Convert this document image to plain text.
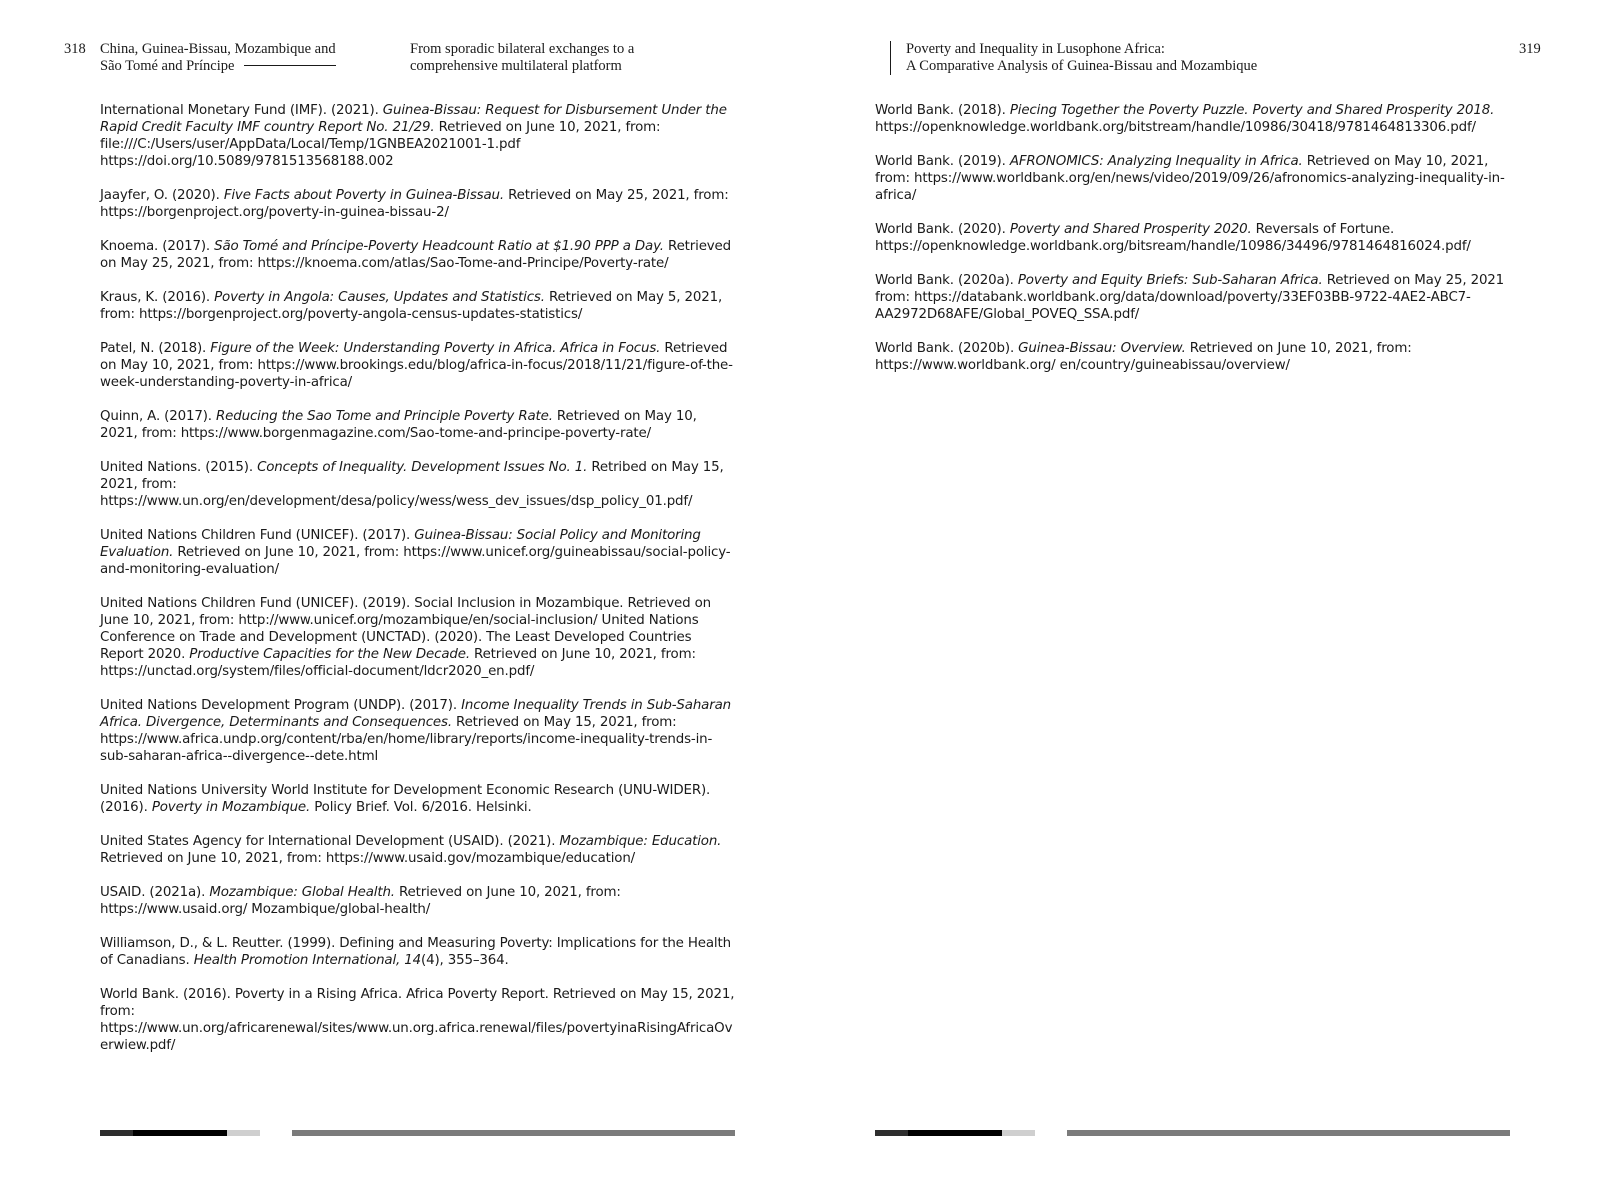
318 China, Guinea-Bissau, Mozambique and
São Tomé and Príncipe
From sporadic bilateral exchanges to a
comprehensive multilateral platform

International Monetary Fund (IMF). (2021). Guinea-Bissau: Request for Disbursement Under the Rapid Credit Faculty IMF country Report No. 21/29. Retrieved on June 10, 2021, from: file:///C:/Users/user/AppData/Local/Temp/1GNBEA2021001-1.pdf https://doi.org/10.5089/9781513568188.002

Jaayfer, O. (2020). Five Facts about Poverty in Guinea-Bissau. Retrieved on May 25, 2021, from: https://borgenproject.org/poverty-in-guinea-bissau-2/

Knoema. (2017). São Tomé and Príncipe-Poverty Headcount Ratio at $1.90 PPP a Day. Retrieved on May 25, 2021, from: https://knoema.com/atlas/Sao-Tome-and-Principe/Poverty-rate/

Kraus, K. (2016). Poverty in Angola: Causes, Updates and Statistics. Retrieved on May 5, 2021, from: https://borgenproject.org/poverty-angola-census-updates-statistics/

Patel, N. (2018). Figure of the Week: Understanding Poverty in Africa. Africa in Focus. Retrieved on May 10, 2021, from: https://www.brookings.edu/blog/africa-in-focus/2018/11/21/figure-of-the-week-understanding-poverty-in-africa/

Quinn, A. (2017). Reducing the Sao Tome and Principle Poverty Rate. Retrieved on May 10, 2021, from: https://www.borgenmagazine.com/Sao-tome-and-principe-poverty-rate/

United Nations. (2015). Concepts of Inequality. Development Issues No. 1. Retribed on May 15, 2021, from: https://www.un.org/en/development/desa/policy/wess/wess_dev_issues/dsp_policy_01.pdf/

United Nations Children Fund (UNICEF). (2017). Guinea-Bissau: Social Policy and Monitoring Evaluation. Retrieved on June 10, 2021, from: https://www.unicef.org/guineabissau/social-policy-and-monitoring-evaluation/

United Nations Children Fund (UNICEF). (2019). Social Inclusion in Mozambique. Retrieved on June 10, 2021, from: http://www.unicef.org/mozambique/en/social-inclusion/ United Nations Conference on Trade and Development (UNCTAD). (2020). The Least Developed Countries Report 2020. Productive Capacities for the New Decade. Retrieved on June 10, 2021, from: https://unctad.org/system/files/official-document/ldcr2020_en.pdf/

United Nations Development Program (UNDP). (2017). Income Inequality Trends in Sub-Saharan Africa. Divergence, Determinants and Consequences. Retrieved on May 15, 2021, from: https://www.africa.undp.org/content/rba/en/home/library/reports/income-inequality-trends-in-sub-saharan-africa--divergence--dete.html

United Nations University World Institute for Development Economic Research (UNU-WIDER). (2016). Poverty in Mozambique. Policy Brief. Vol. 6/2016. Helsinki.

United States Agency for International Development (USAID). (2021). Mozambique: Education. Retrieved on June 10, 2021, from: https://www.usaid.gov/mozambique/education/

USAID. (2021a). Mozambique: Global Health. Retrieved on June 10, 2021, from: https://www.usaid.org/ Mozambique/global-health/

Williamson, D., & L. Reutter. (1999). Defining and Measuring Poverty: Implications for the Health of Canadians. Health Promotion International, 14(4), 355–364.

World Bank. (2016). Poverty in a Rising Africa. Africa Poverty Report. Retrieved on May 15, 2021, from: https://www.un.org/africarenewal/sites/www.un.org.africa.renewal/files/povertyinaRisingAfricaOverwiew.pdf/

Poverty and Inequality in Lusophone Africa:
A Comparative Analysis of Guinea-Bissau and Mozambique
319

World Bank. (2018). Piecing Together the Poverty Puzzle. Poverty and Shared Prosperity 2018. https://openknowledge.worldbank.org/bitstream/handle/10986/30418/9781464813306.pdf/

World Bank. (2019). AFRONOMICS: Analyzing Inequality in Africa. Retrieved on May 10, 2021, from: https://www.worldbank.org/en/news/video/2019/09/26/afronomics-analyzing-inequality-in-africa/

World Bank. (2020). Poverty and Shared Prosperity 2020. Reversals of Fortune. https://openknowledge.worldbank.org/bitsream/handle/10986/34496/9781464816024.pdf/

World Bank. (2020a). Poverty and Equity Briefs: Sub-Saharan Africa. Retrieved on May 25, 2021 from: https://databank.worldbank.org/data/download/poverty/33EF03BB-9722-4AE2-ABC7-AA2972D68AFE/Global_POVEQ_SSA.pdf/

World Bank. (2020b). Guinea-Bissau: Overview. Retrieved on June 10, 2021, from: https://www.worldbank.org/ en/country/guineabissau/overview/
